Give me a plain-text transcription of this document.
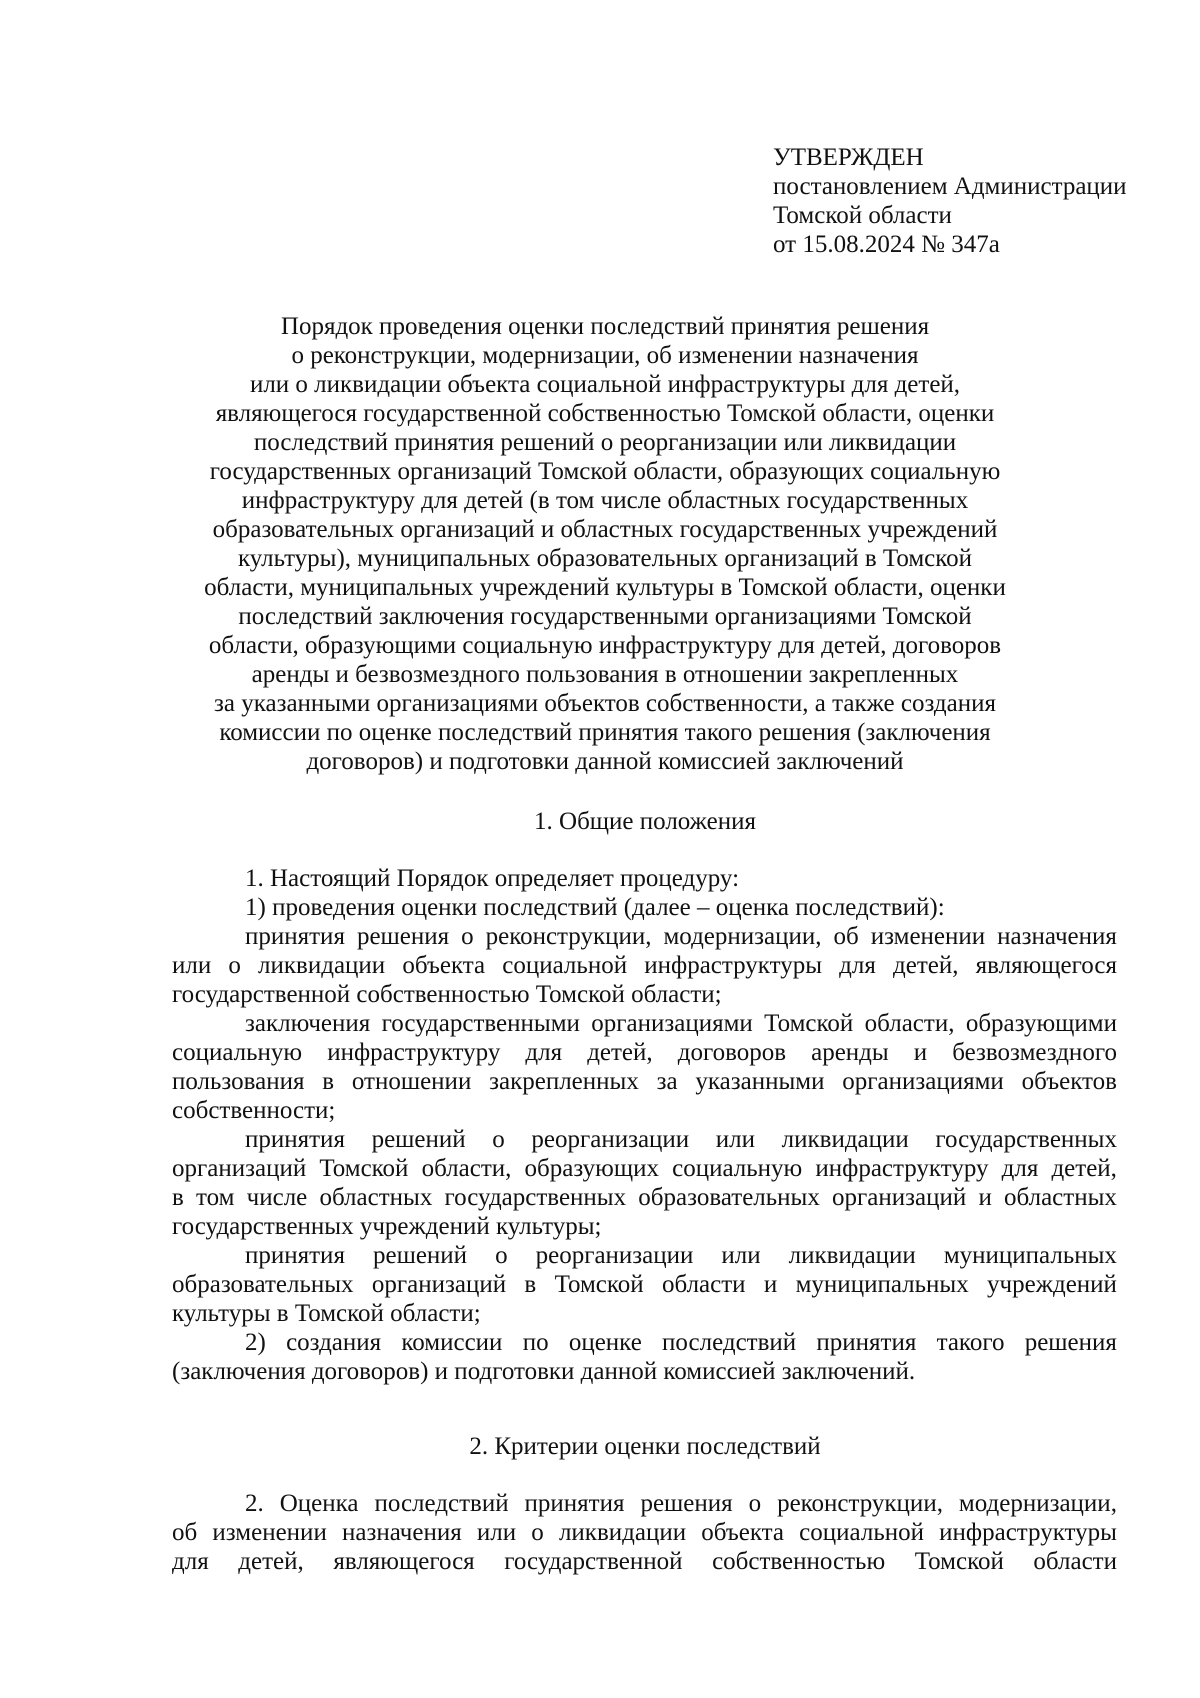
УТВЕРЖДЕН
постановлением Администрации
Томской области
от 15.08.2024 № 347а
Порядок проведения оценки последствий принятия решения
о реконструкции, модернизации, об изменении назначения
или о ликвидации объекта социальной инфраструктуры для детей,
являющегося государственной собственностью Томской области, оценки
последствий принятия решений о реорганизации или ликвидации
государственных организаций Томской области, образующих социальную
инфраструктуру для детей (в том числе областных государственных
образовательных организаций и областных государственных учреждений
культуры), муниципальных образовательных организаций в Томской
области, муниципальных учреждений культуры в Томской области, оценки
последствий заключения государственными организациями Томской
области, образующими социальную инфраструктуру для детей, договоров
аренды и безвозмездного пользования в отношении закрепленных
за указанными организациями объектов собственности, а также создания
комиссии по оценке последствий принятия такого решения (заключения
договоров) и подготовки данной комиссией заключений
1. Общие положения
1. Настоящий Порядок определяет процедуру:
1) проведения оценки последствий (далее – оценка последствий):
принятия решения о реконструкции, модернизации, об изменении назначения
или о ликвидации объекта социальной инфраструктуры для детей, являющегося
государственной собственностью Томской области;
заключения государственными организациями Томской области, образующими
социальную инфраструктуру для детей, договоров аренды и безвозмездного
пользования в отношении закрепленных за указанными организациями объектов
собственности;
принятия решений о реорганизации или ликвидации государственных
организаций Томской области, образующих социальную инфраструктуру для детей,
в том числе областных государственных образовательных организаций и областных
государственных учреждений культуры;
принятия решений о реорганизации или ликвидации муниципальных
образовательных организаций в Томской области и муниципальных учреждений
культуры в Томской области;
2) создания комиссии по оценке последствий принятия такого решения
(заключения договоров) и подготовки данной комиссией заключений.
2. Критерии оценки последствий
2. Оценка последствий принятия решения о реконструкции, модернизации,
об изменении назначения или о ликвидации объекта социальной инфраструктуры
для детей, являющегося государственной собственностью Томской области
